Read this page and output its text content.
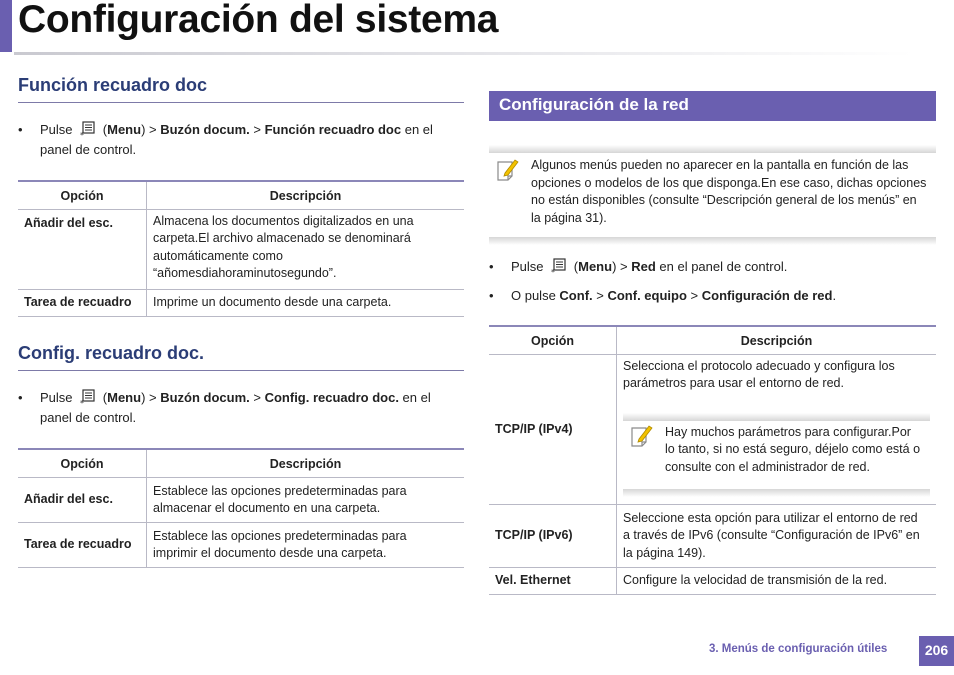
Configuración del sistema
Función recuadro doc
• Pulse * (Menu) > Buzón docum. > Función recuadro doc en el
panel de control.
Opción	Descripción
Añadir del esc.	Almacena los documentos digitalizados en una
carpeta.El archivo almacenado se denominará
automáticamente como
“añomesdiahoraminutosegundo”.
Tarea de recuadro	Imprime un documento desde una carpeta.
Config. recuadro doc.
• Pulse * (Menu) > Buzón docum. > Config. recuadro doc. en el
panel de control.
Opción	Descripción
Añadir del esc.	Establece las opciones predeterminadas para
almacenar el documento en una carpeta.
Tarea de recuadro	Establece las opciones predeterminadas para
imprimir el documento desde una carpeta.
Configuración de la red
Algunos menús pueden no aparecer en la pantalla en función de las
opciones o modelos de los que disponga.En ese caso, dichas opciones
no están disponibles (consulte “Descripción general de los menús” en
la página 31).
• Pulse * (Menu) > Red en el panel de control.
• O pulse Conf. > Conf. equipo > Configuración de red.
Opción	Descripción
TCP/IP (IPv4)	Selecciona el protocolo adecuado y configura los
parámetros para usar el entorno de red.
Hay muchos parámetros para configurar.Por
lo tanto, si no está seguro, déjelo como está o
consulte con el administrador de red.

TCP/IP (IPv6)	Seleccione esta opción para utilizar el entorno de red
a través de IPv6 (consulte “Configuración de IPv6” en
la página 149).
Vel. Ethernet	Configure la velocidad de transmisión de la red.
3. Menús de configuración útiles	206
